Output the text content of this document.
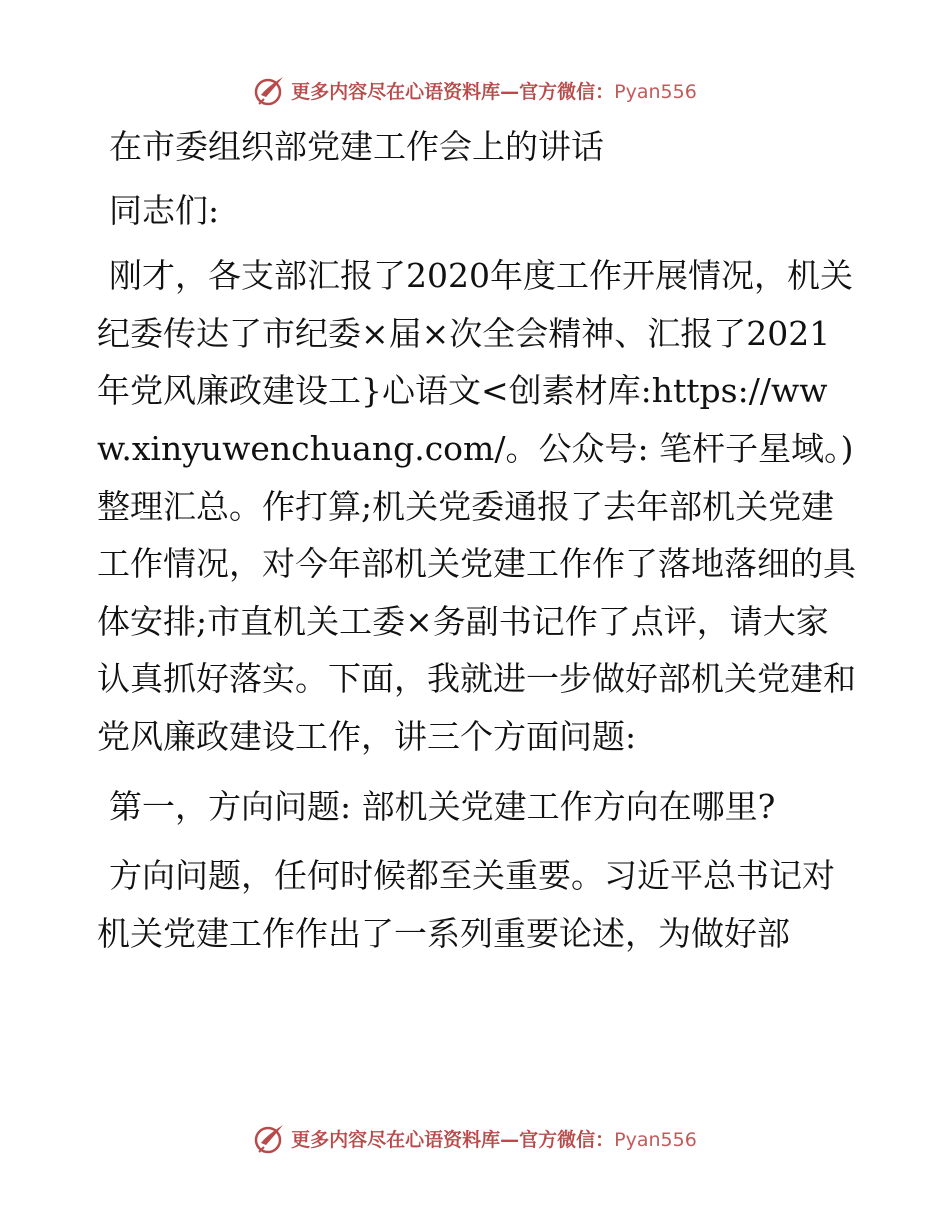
更多内容尽在心语资料库—官方微信：Pyan556

在市委组织部党建工作会上的讲话

同志们:

刚才，各支部汇报了2020年度工作开展情况，机关纪委传达了市纪委×届×次全会精神、汇报了2021年党风廉政建设工}心语文<创素材库:https://www.xinyuwenchuang.com/。公众号: 笔杆子星域。)整理汇总。作打算;机关党委通报了去年部机关党建工作情况，对今年部机关党建工作作了落地落细的具体安排;市直机关工委×务副书记作了点评，请大家认真抓好落实。下面，我就进一步做好部机关党建和党风廉政建设工作，讲三个方面问题:

第一，方向问题: 部机关党建工作方向在哪里?

方向问题，任何时候都至关重要。习近平总书记对机关党建工作作出了一系列重要论述，为做好部

更多内容尽在心语资料库—官方微信：Pyan556
